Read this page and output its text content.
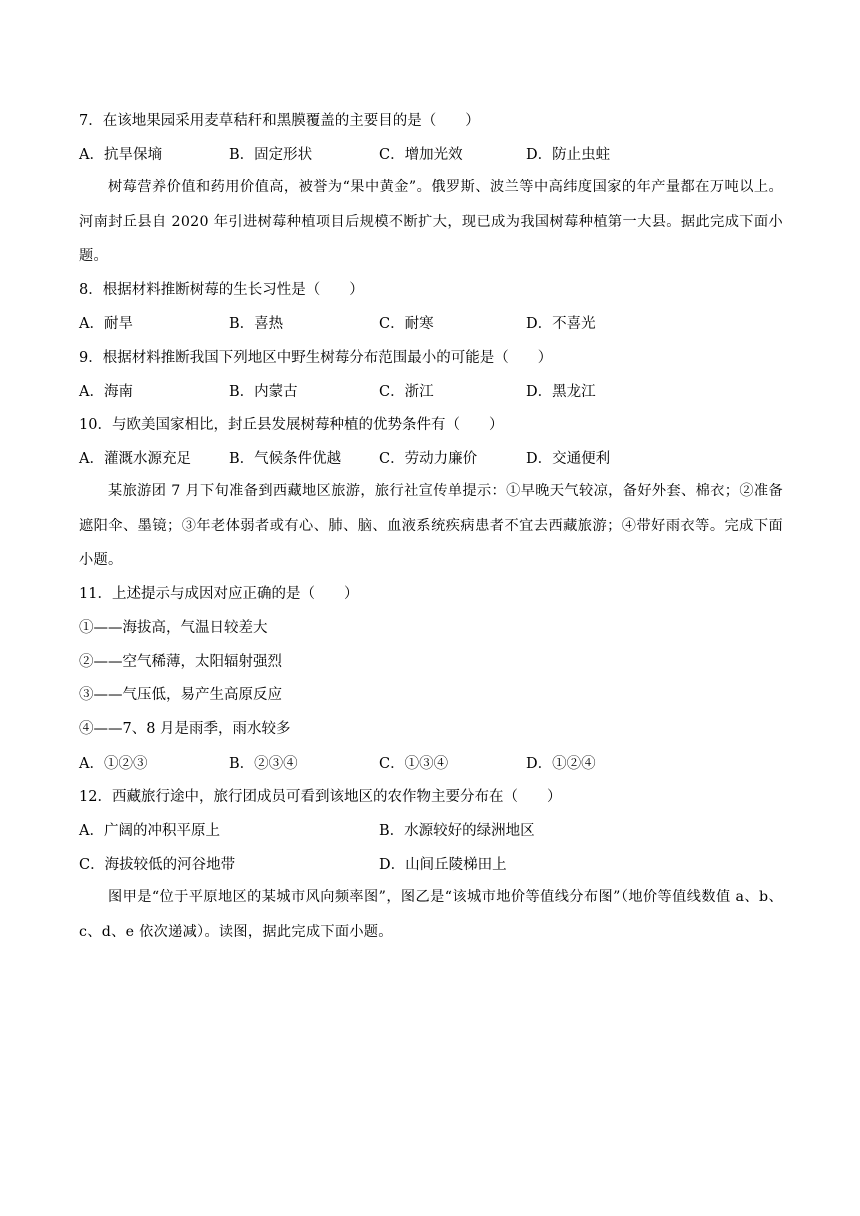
7．在该地果园采用麦草秸秆和黑膜覆盖的主要目的是（　　）
A．抗旱保墒	B．固定形状	C．增加光效	D．防止虫蛀
树莓营养价值和药用价值高，被誉为“果中黄金”。俄罗斯、波兰等中高纬度国家的年产量都在万吨以上。河南封丘县自 2020 年引进树莓种植项目后规模不断扩大，现已成为我国树莓种植第一大县。据此完成下面小题。
8．根据材料推断树莓的生长习性是（　　）
A．耐旱	B．喜热	C．耐寒	D．不喜光
9．根据材料推断我国下列地区中野生树莓分布范围最小的可能是（　　）
A．海南	B．内蒙古	C．浙江	D．黑龙江
10．与欧美国家相比，封丘县发展树莓种植的优势条件有（　　）
A．灌溉水源充足	B．气候条件优越	C．劳动力廉价	D．交通便利
某旅游团 7 月下旬准备到西藏地区旅游，旅行社宣传单提示：①早晚天气较凉，备好外套、棉衣；②准备遮阳伞、墨镜；③年老体弱者或有心、肺、脑、血液系统疾病患者不宜去西藏旅游；④带好雨衣等。完成下面小题。
11．上述提示与成因对应正确的是（　　）
①——海拔高，气温日较差大
②——空气稀薄，太阳辐射强烈
③——气压低，易产生高原反应
④——7、8 月是雨季，雨水较多
A．①②③	B．②③④	C．①③④	D．①②④
12．西藏旅行途中，旅行团成员可看到该地区的农作物主要分布在（　　）
A．广阔的冲积平原上	B．水源较好的绿洲地区
C．海拔较低的河谷地带	D．山间丘陵梯田上
图甲是“位于平原地区的某城市风向频率图”，图乙是“该城市地价等值线分布图”（地价等值线数值 a、b、c、d、e 依次递减）。读图，据此完成下面小题。
